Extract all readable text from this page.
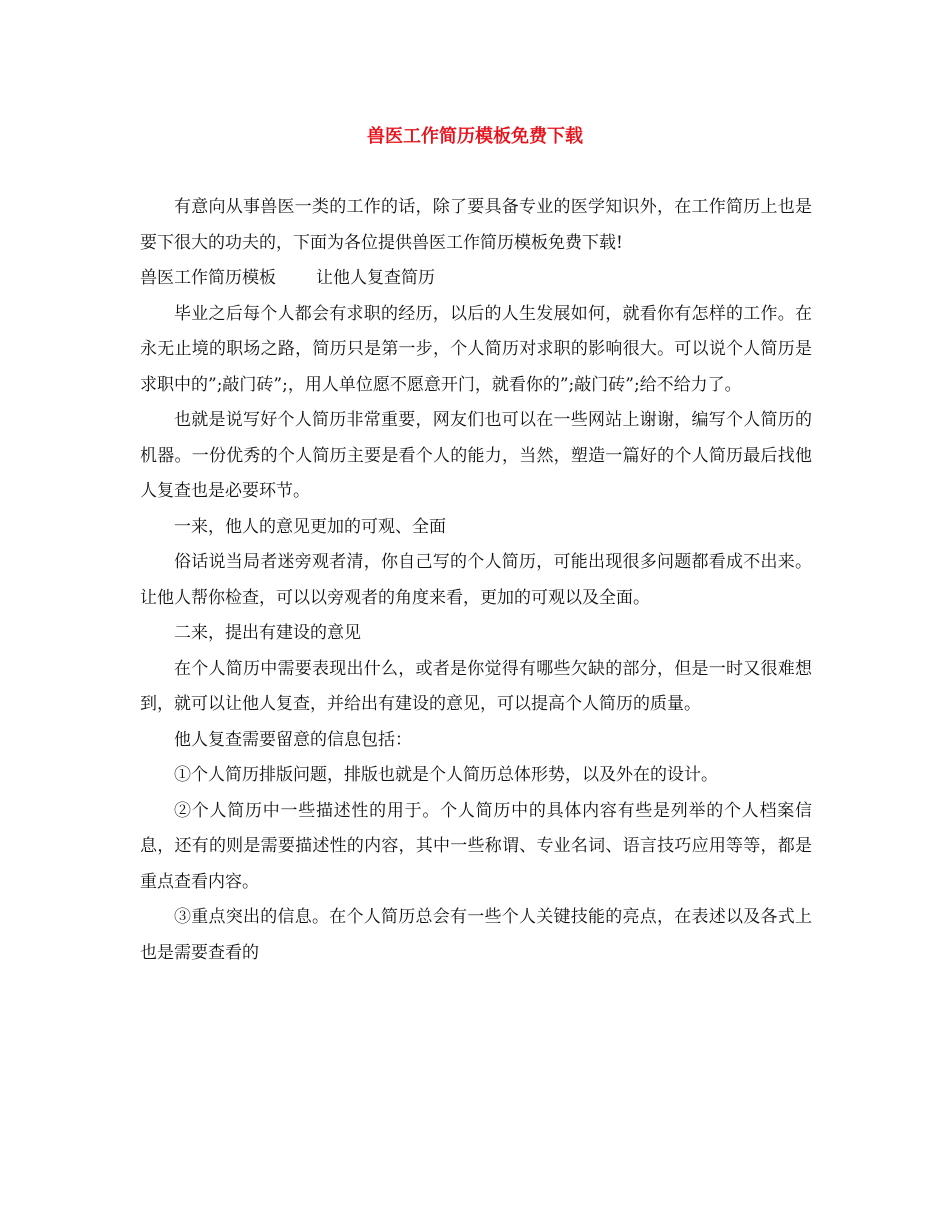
兽医工作简历模板免费下载

有意向从事兽医一类的工作的话，除了要具备专业的医学知识外，在工作简历上也是要下很大的功夫的，下面为各位提供兽医工作简历模板免费下载!

兽医工作简历模板 让他人复查简历

毕业之后每个人都会有求职的经历，以后的人生发展如何，就看你有怎样的工作。在永无止境的职场之路，简历只是第一步，个人简历对求职的影响很大。可以说个人简历是求职中的”;敲门砖”;，用人单位愿不愿意开门，就看你的”;敲门砖”;给不给力了。

也就是说写好个人简历非常重要，网友们也可以在一些网站上谢谢，编写个人简历的机器。一份优秀的个人简历主要是看个人的能力，当然，塑造一篇好的个人简历最后找他人复查也是必要环节。

一来，他人的意见更加的可观、全面

俗话说当局者迷旁观者清，你自己写的个人简历，可能出现很多问题都看成不出来。让他人帮你检查，可以以旁观者的角度来看，更加的可观以及全面。

二来，提出有建设的意见

在个人简历中需要表现出什么，或者是你觉得有哪些欠缺的部分，但是一时又很难想到，就可以让他人复查，并给出有建设的意见，可以提高个人简历的质量。

他人复查需要留意的信息包括：

①个人简历排版问题，排版也就是个人简历总体形势，以及外在的设计。

②个人简历中一些描述性的用于。个人简历中的具体内容有些是列举的个人档案信息，还有的则是需要描述性的内容，其中一些称谓、专业名词、语言技巧应用等等，都是重点查看内容。

③重点突出的信息。在个人简历总会有一些个人关键技能的亮点，在表述以及各式上也是需要查看的
